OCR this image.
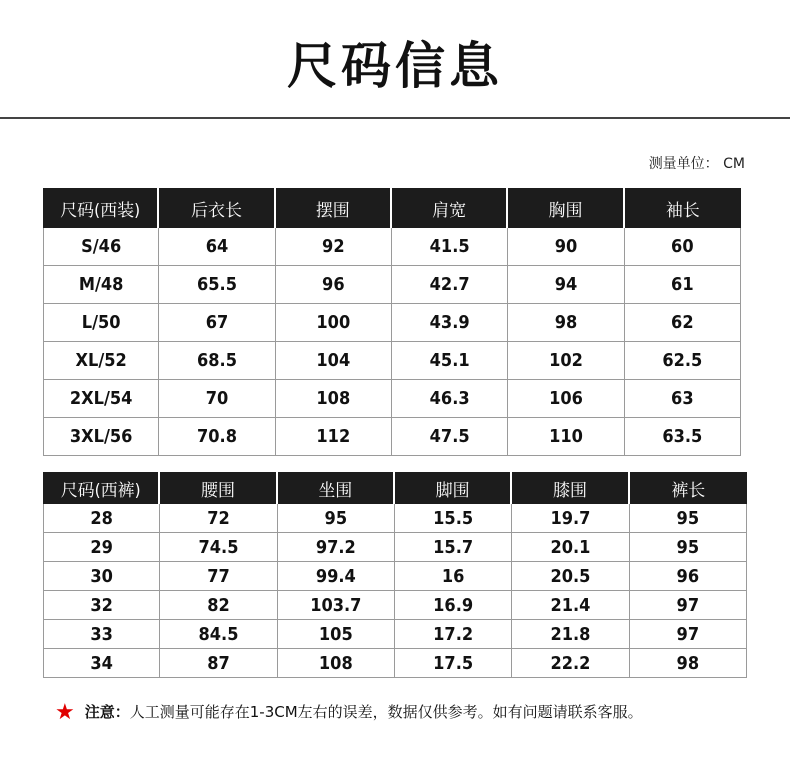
尺码信息
测量单位： CM
尺码(西装)	后衣长	摆围	肩宽	胸围	袖长
S/46	64	92	41.5	90	60
M/48	65.5	96	42.7	94	61
L/50	67	100	43.9	98	62
XL/52	68.5	104	45.1	102	62.5
2XL/54	70	108	46.3	106	63
3XL/56	70.8	112	47.5	110	63.5
尺码(西裤)	腰围	坐围	脚围	膝围	裤长
28	72	95	15.5	19.7	95
29	74.5	97.2	15.7	20.1	95
30	77	99.4	16	20.5	96
32	82	103.7	16.9	21.4	97
33	84.5	105	17.2	21.8	97
34	87	108	17.5	22.2	98
★ 注意：人工测量可能存在1-3CM左右的误差，数据仅供参考。如有问题请联系客服。
